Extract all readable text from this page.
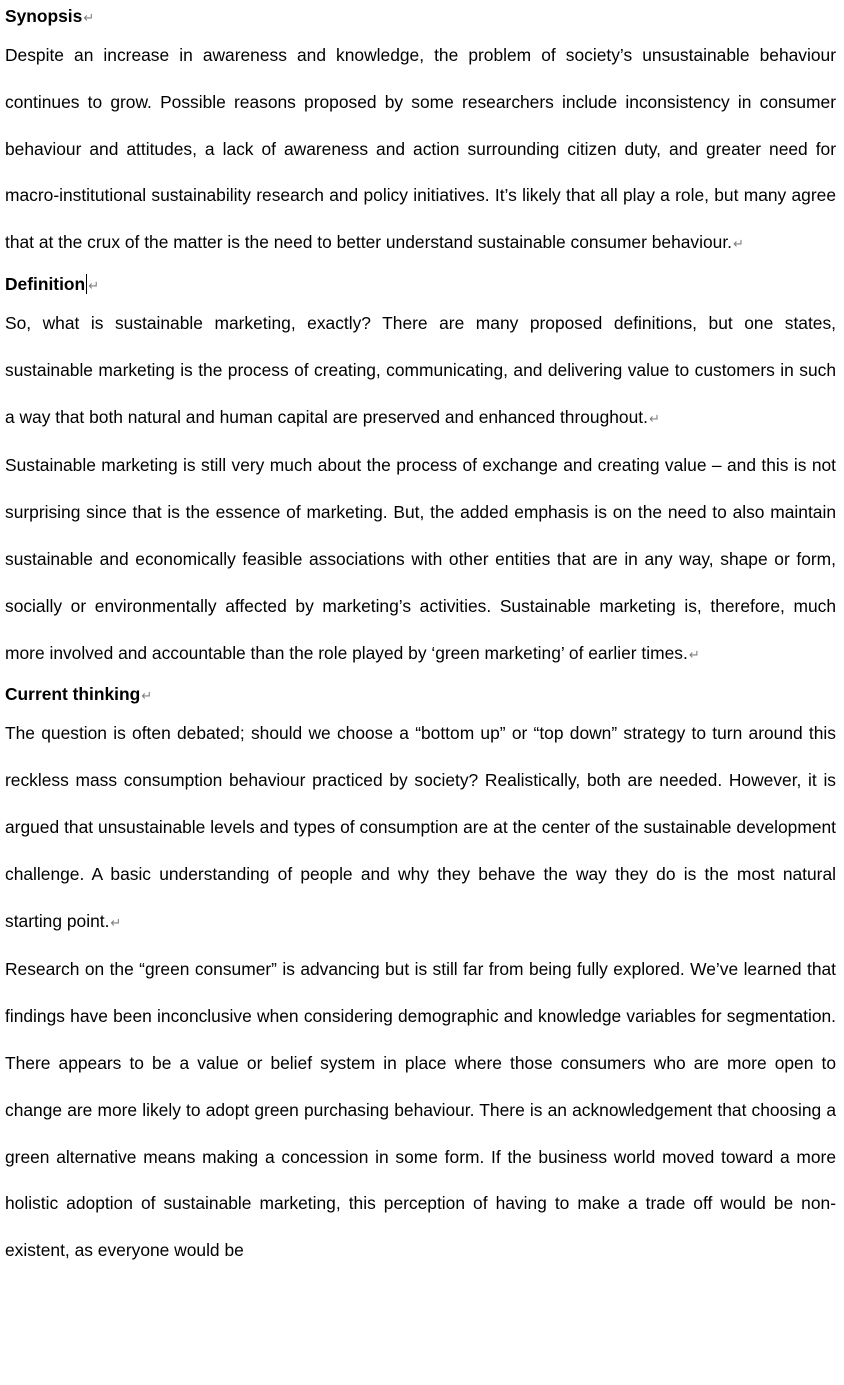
Synopsis↵

Despite an increase in awareness and knowledge, the problem of society’s unsustainable behaviour continues to grow. Possible reasons proposed by some researchers include inconsistency in consumer behaviour and attitudes, a lack of awareness and action surrounding citizen duty, and greater need for macro-institutional sustainability research and policy initiatives. It’s likely that all play a role, but many agree that at the crux of the matter is the need to better understand sustainable consumer behaviour.↵

Definition ↵

So, what is sustainable marketing, exactly? There are many proposed definitions, but one states, sustainable marketing is the process of creating, communicating, and delivering value to customers in such a way that both natural and human capital are preserved and enhanced throughout.↵

Sustainable marketing is still very much about the process of exchange and creating value – and this is not surprising since that is the essence of marketing. But, the added emphasis is on the need to also maintain sustainable and economically feasible associations with other entities that are in any way, shape or form, socially or environmentally affected by marketing’s activities. Sustainable marketing is, therefore, much more involved and accountable than the role played by ‘green marketing’ of earlier times.↵

Current thinking↵

The question is often debated; should we choose a “bottom up” or “top down” strategy to turn around this reckless mass consumption behaviour practiced by society? Realistically, both are needed. However, it is argued that unsustainable levels and types of consumption are at the center of the sustainable development challenge. A basic understanding of people and why they behave the way they do is the most natural starting point.↵

Research on the “green consumer” is advancing but is still far from being fully explored. We’ve learned that findings have been inconclusive when considering demographic and knowledge variables for segmentation. There appears to be a value or belief system in place where those consumers who are more open to change are more likely to adopt green purchasing behaviour. There is an acknowledgement that choosing a green alternative means making a concession in some form. If the business world moved toward a more holistic adoption of sustainable marketing, this perception of having to make a trade off would be non-existent, as everyone would be
